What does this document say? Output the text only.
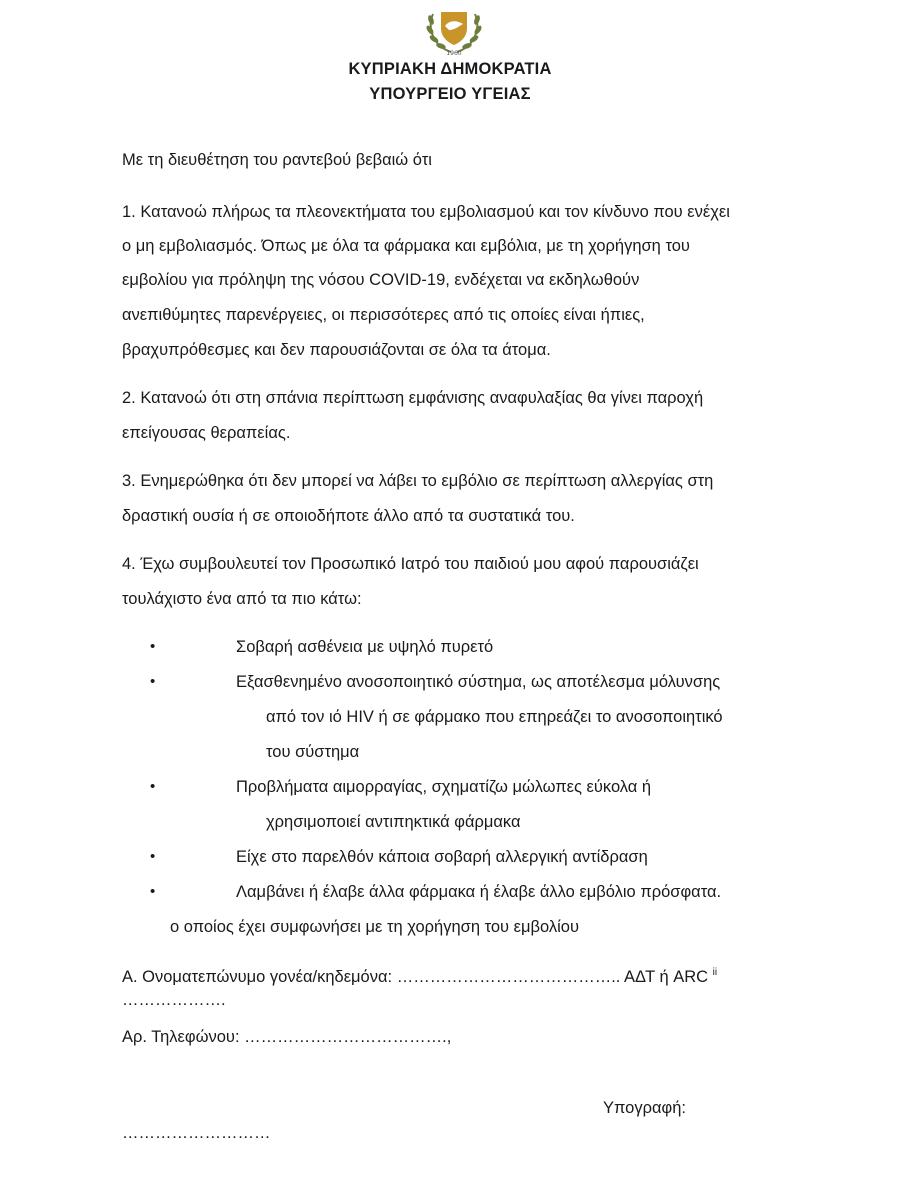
1960
ΚΥΠΡΙΑΚΗ ΔΗΜΟΚΡΑΤΙΑ
ΥΠΟΥΡΓΕΙΟ ΥΓΕΙΑΣ
Με τη διευθέτηση του ραντεβού βεβαιώ ότι
1. Κατανοώ πλήρως τα πλεονεκτήματα του εμβολιασμού και τον κίνδυνο που ενέχει
ο μη εμβολιασμός. Όπως με όλα τα φάρμακα και εμβόλια, με τη χορήγηση του
εμβολίου για πρόληψη της νόσου COVID-19, ενδέχεται να εκδηλωθούν
ανεπιθύμητες παρενέργειες, οι περισσότερες από τις οποίες είναι ήπιες,
βραχυπρόθεσμες και δεν παρουσιάζονται σε όλα τα άτομα.
2. Κατανοώ ότι στη σπάνια περίπτωση εμφάνισης αναφυλαξίας θα γίνει παροχή
επείγουσας θεραπείας.
3. Ενημερώθηκα ότι δεν μπορεί να λάβει το εμβόλιο σε περίπτωση αλλεργίας στη
δραστική ουσία ή σε οποιοδήποτε άλλο από τα συστατικά του.
4. Έχω συμβουλευτεί τον Προσωπικό Ιατρό του παιδιού μου αφού παρουσιάζει
τουλάχιστο ένα από τα πιο κάτω:
•	Σοβαρή ασθένεια με υψηλό πυρετό
•	Εξασθενημένο ανοσοποιητικό σύστημα, ως αποτέλεσμα μόλυνσης
από τον ιό HIV ή σε φάρμακο που επηρεάζει το ανοσοποιητικό
του σύστημα
•	Προβλήματα αιμορραγίας, σχηματίζω μώλωπες εύκολα ή
χρησιμοποιεί αντιπηκτικά φάρμακα
•	Είχε στο παρελθόν κάποια σοβαρή αλλεργική αντίδραση
•	Λαμβάνει ή έλαβε άλλα φάρμακα ή έλαβε άλλο εμβόλιο πρόσφατα.
ο οποίος έχει συμφωνήσει με τη χορήγηση του εμβολίου
Α. Ονοματεπώνυμο γονέα/κηδεμόνα: ………………………………….. ΑΔΤ ή ARC $^{ii}$
……………….
Αρ. Τηλεφώνου: ……………………………….,
Υπογραφή:
………………………
